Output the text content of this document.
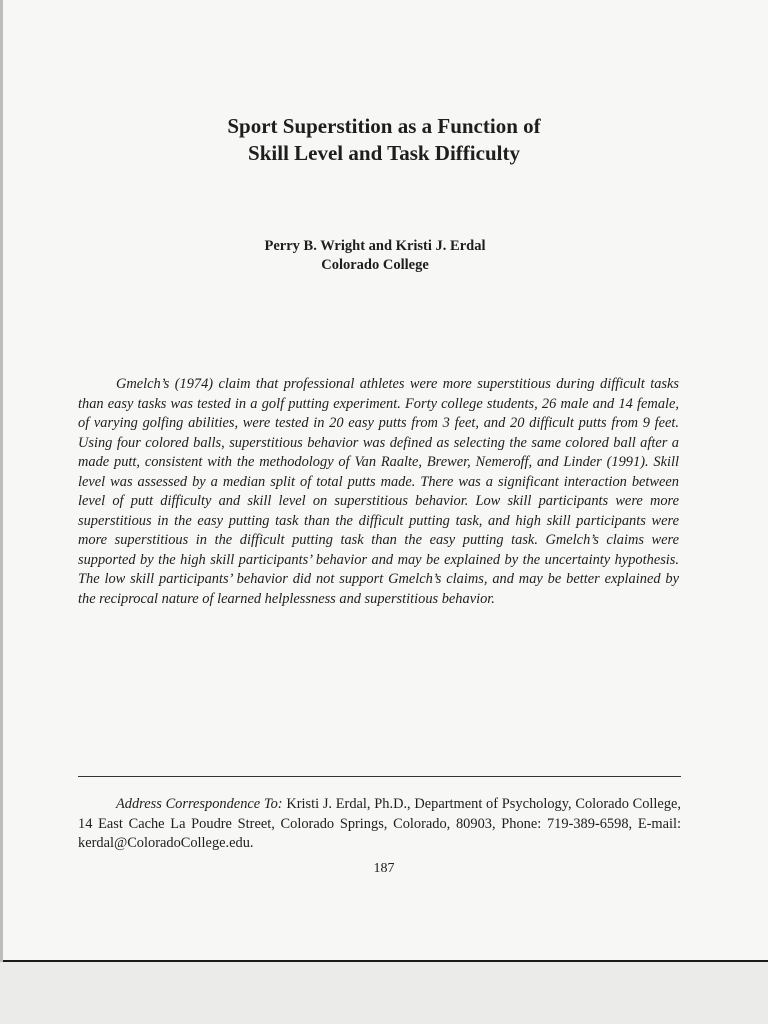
Sport Superstition as a Function of
Skill Level and Task Difficulty
Perry B. Wright and Kristi J. Erdal
Colorado College

Gmelch’s (1974) claim that professional athletes were more superstitious during difficult tasks than easy tasks was tested in a golf putting experiment. Forty college students, 26 male and 14 female, of varying golfing abilities, were tested in 20 easy putts from 3 feet, and 20 difficult putts from 9 feet. Using four colored balls, superstitious behavior was defined as selecting the same colored ball after a made putt, consistent with the methodology of Van Raalte, Brewer, Nemeroff, and Linder (1991). Skill level was assessed by a median split of total putts made. There was a significant interaction between level of putt difficulty and skill level on superstitious behavior. Low skill participants were more superstitious in the easy putting task than the difficult putting task, and high skill participants were more superstitious in the difficult putting task than the easy putting task. Gmelch’s claims were supported by the high skill participants’ behavior and may be explained by the uncertainty hypothesis. The low skill participants’ behavior did not support Gmelch’s claims, and may be better explained by the reciprocal nature of learned helplessness and superstitious behavior.

Address Correspondence To: Kristi J. Erdal, Ph.D., Department of Psychology, Colorado College, 14 East Cache La Poudre Street, Colorado Springs, Colorado, 80903, Phone: 719-389-6598, E-mail: kerdal@ColoradoCollege.edu.

187
